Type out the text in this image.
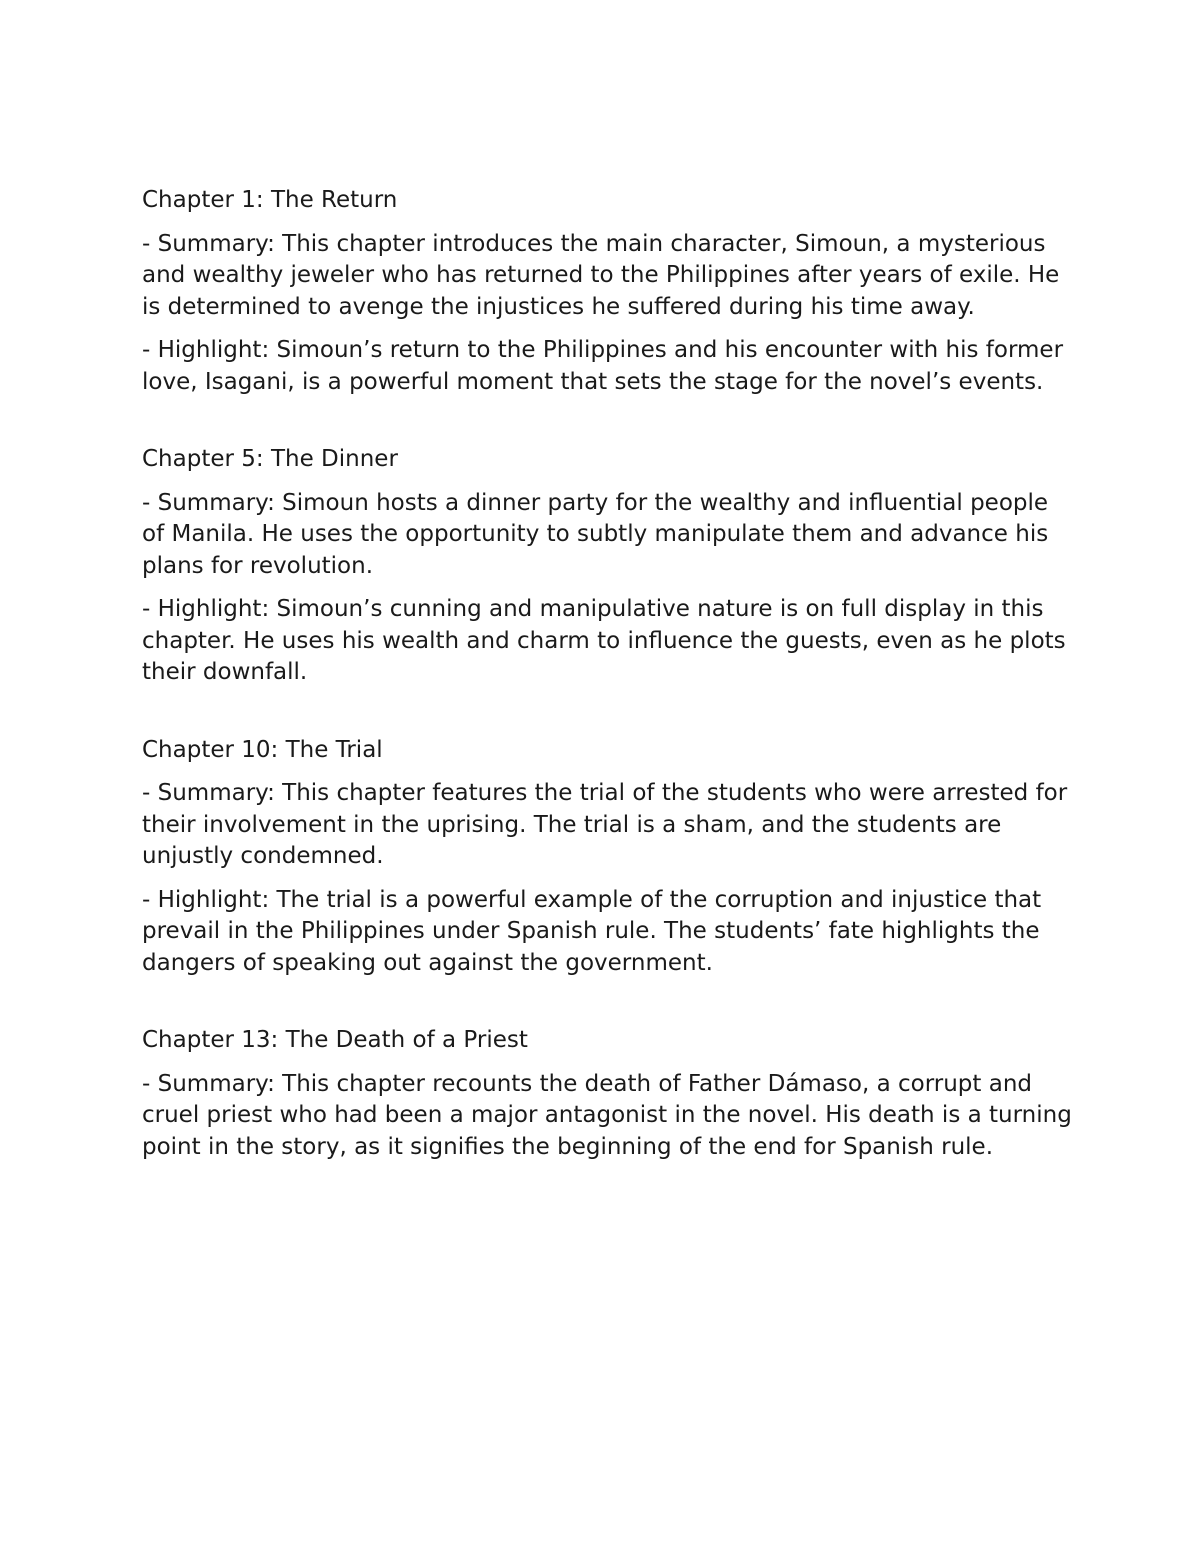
Chapter 1: The Return

- Summary: This chapter introduces the main character, Simoun, a mysterious and wealthy jeweler who has returned to the Philippines after years of exile. He is determined to avenge the injustices he suffered during his time away.

- Highlight: Simoun’s return to the Philippines and his encounter with his former love, Isagani, is a powerful moment that sets the stage for the novel’s events.

Chapter 5: The Dinner

- Summary: Simoun hosts a dinner party for the wealthy and influential people of Manila. He uses the opportunity to subtly manipulate them and advance his plans for revolution.

- Highlight: Simoun’s cunning and manipulative nature is on full display in this chapter. He uses his wealth and charm to influence the guests, even as he plots their downfall.

Chapter 10: The Trial

- Summary: This chapter features the trial of the students who were arrested for their involvement in the uprising. The trial is a sham, and the students are unjustly condemned.

- Highlight: The trial is a powerful example of the corruption and injustice that prevail in the Philippines under Spanish rule. The students’ fate highlights the dangers of speaking out against the government.

Chapter 13: The Death of a Priest

- Summary: This chapter recounts the death of Father Dámaso, a corrupt and cruel priest who had been a major antagonist in the novel. His death is a turning point in the story, as it signifies the beginning of the end for Spanish rule.
